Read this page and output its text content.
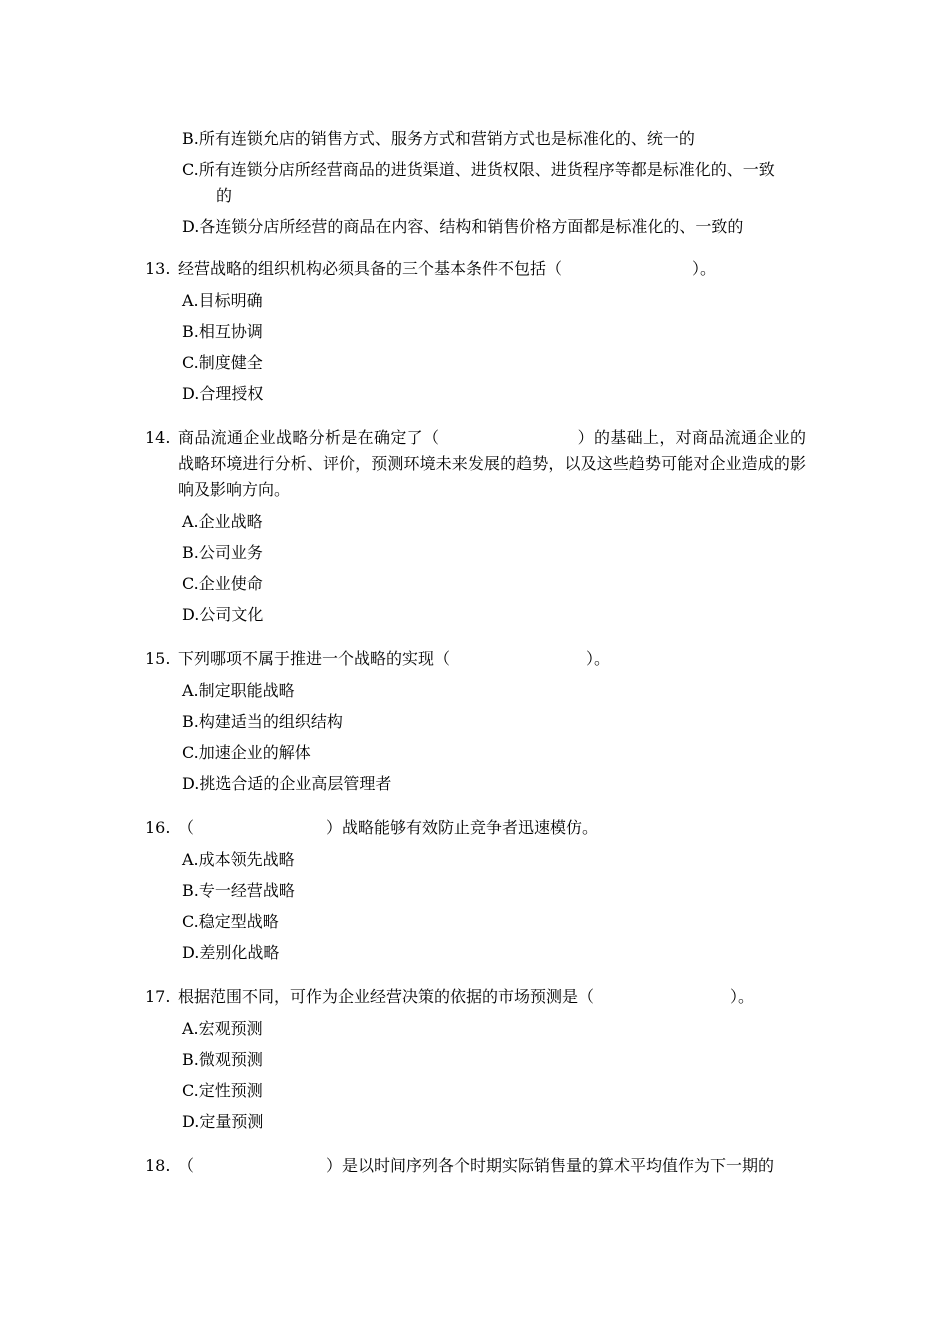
B.所有连锁允店的销售方式、服务方式和营销方式也是标准化的、统一的
C.所有连锁分店所经营商品的进货渠道、进货权限、进货程序等都是标准化的、一致

的
D.各连锁分店所经营的商品在内容、结构和销售价格方面都是标准化的、一致的
13. 经营战略的组织机构必须具备的三个基本条件不包括（	）。
A.目标明确
B.相互协调
C.制度健全
D.合理授权
14. 商品流通企业战略分析是在确定了（	）的基础上，对商品流通企业的战略环境进行分析、评价，预测环境未来发展的趋势，以及这些趋势可能对企业造成的影响及影响方向。
A.企业战略
B.公司业务
C.企业使命
D.公司文化
15. 下列哪项不属于推进一个战略的实现（	）。
A.制定职能战略
B.构建适当的组织结构
C.加速企业的解体
D.挑选合适的企业高层管理者
16. （	）战略能够有效防止竞争者迅速模仿。
A.成本领先战略
B.专一经营战略
C.稳定型战略
D.差别化战略
17. 根据范围不同，可作为企业经营决策的依据的市场预测是（	）。
A.宏观预测
B.微观预测
C.定性预测
D.定量预测
18. （	）是以时间序列各个时期实际销售量的算术平均值作为下一期的
